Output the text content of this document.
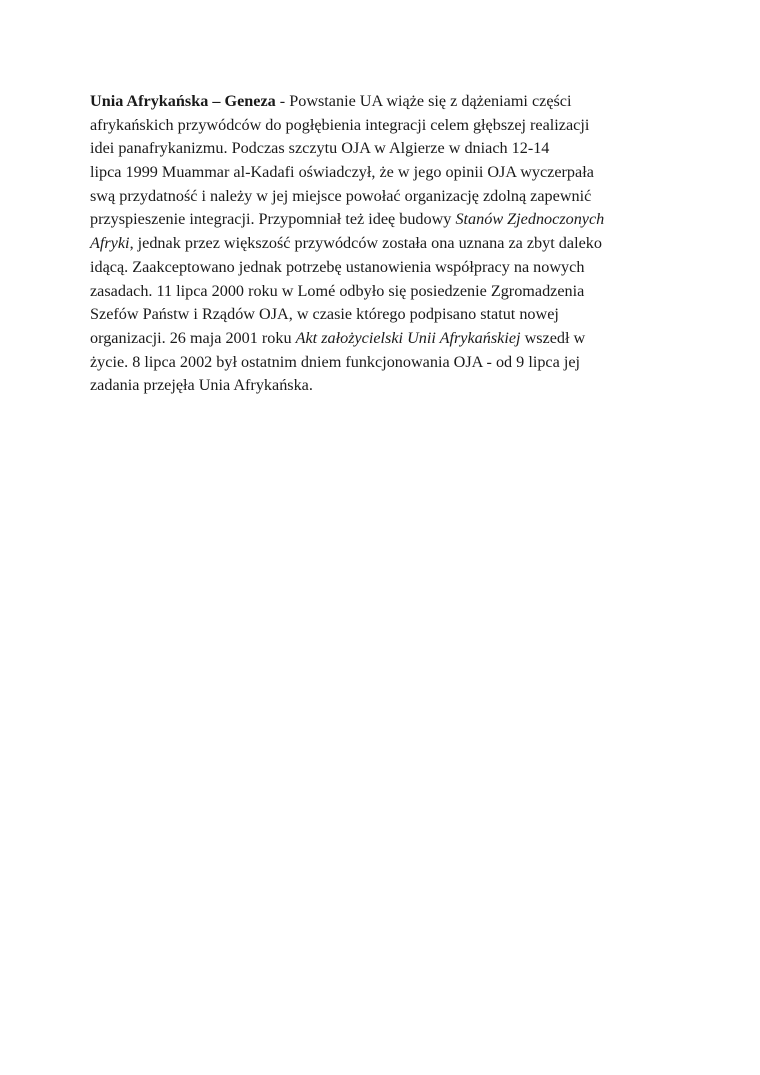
Unia Afrykańska – Geneza - Powstanie UA wiąże się z dążeniami części
afrykańskich przywódców do pogłębienia integracji celem głębszej realizacji
idei panafrykanizmu. Podczas szczytu OJA w Algierze w dniach 12-14
lipca 1999 Muammar al-Kadafi oświadczył, że w jego opinii OJA wyczerpała
swą przydatność i należy w jej miejsce powołać organizację zdolną zapewnić
przyspieszenie integracji. Przypomniał też ideę budowy Stanów Zjednoczonych
Afryki, jednak przez większość przywódców została ona uznana za zbyt daleko
idącą. Zaakceptowano jednak potrzebę ustanowienia współpracy na nowych
zasadach. 11 lipca 2000 roku w Lomé odbyło się posiedzenie Zgromadzenia
Szefów Państw i Rządów OJA, w czasie którego podpisano statut nowej
organizacji. 26 maja 2001 roku Akt założycielski Unii Afrykańskiej wszedł w
życie. 8 lipca 2002 był ostatnim dniem funkcjonowania OJA - od 9 lipca jej
zadania przejęła Unia Afrykańska.
